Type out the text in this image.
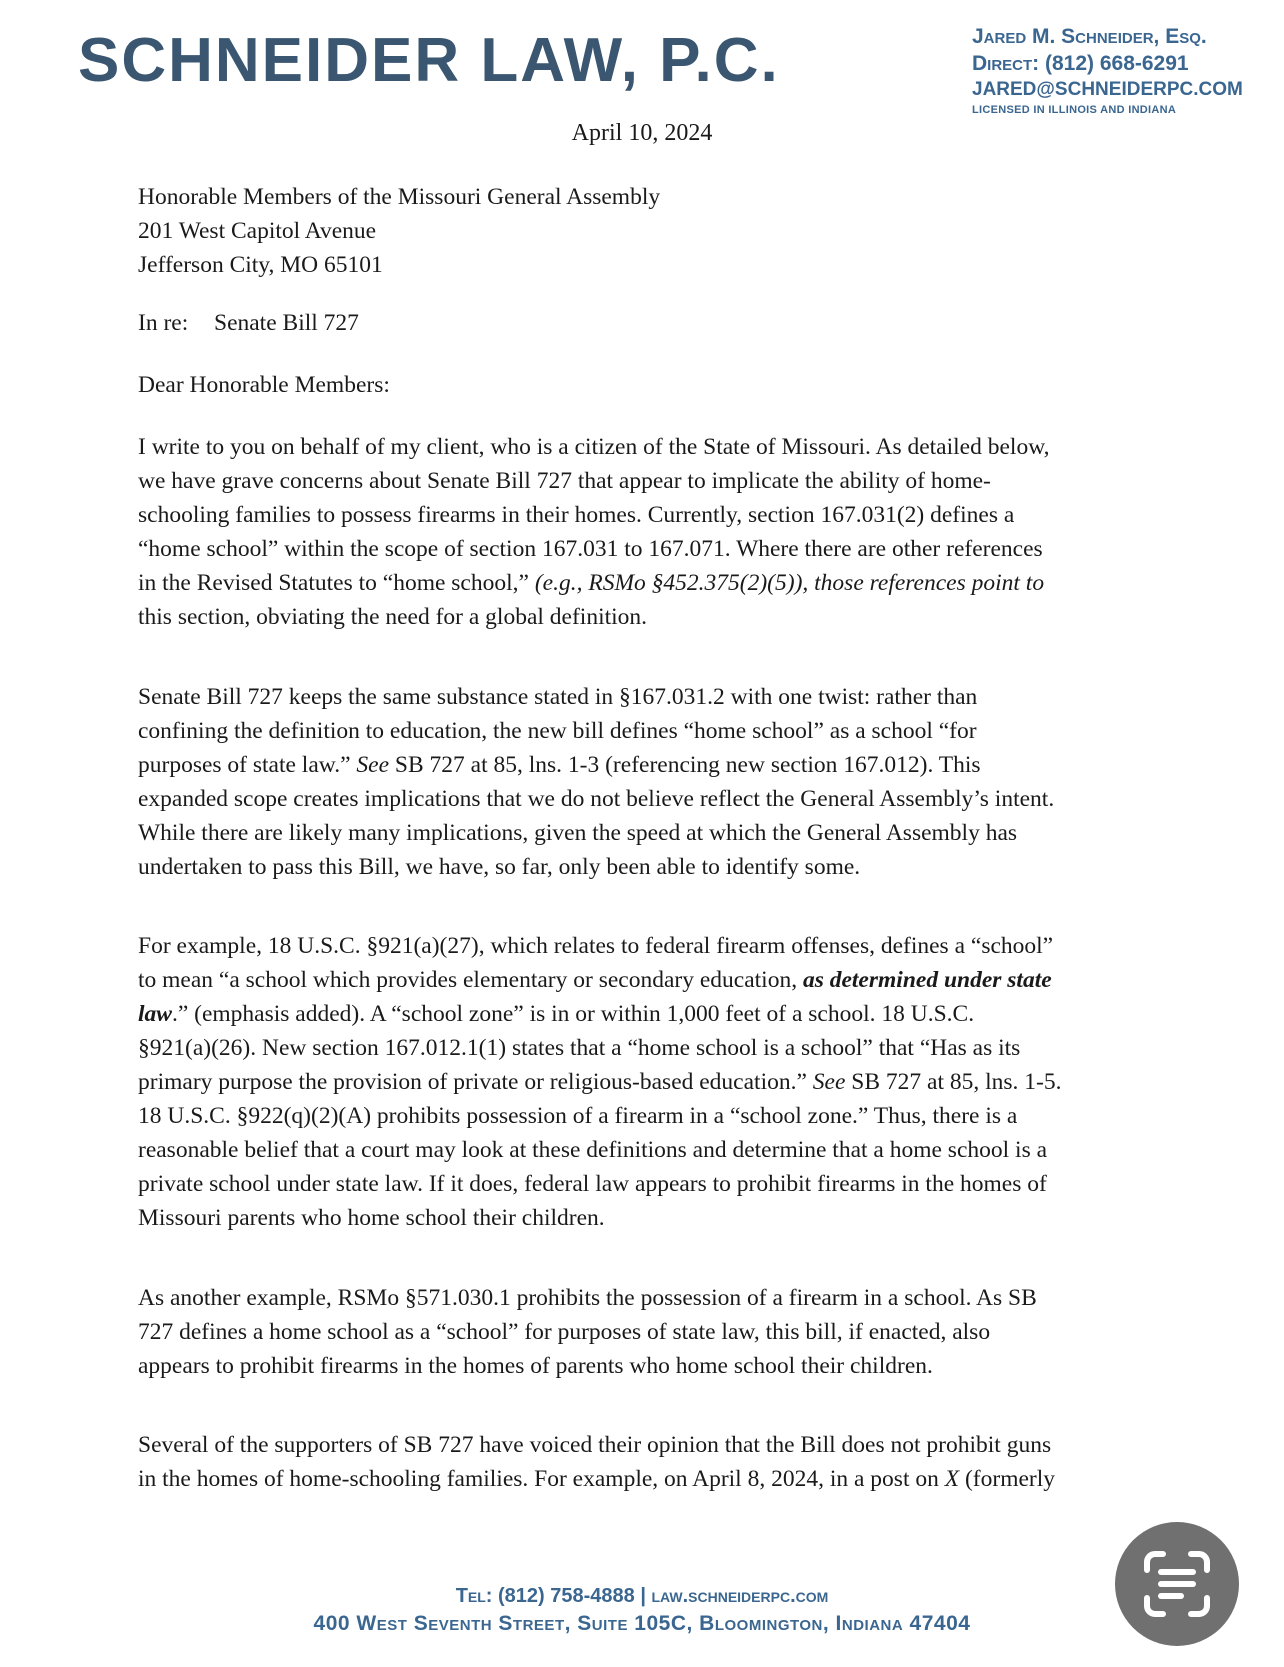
SCHNEIDER LAW, P.C.	Jared M. Schneider, Esq.
Direct: (812) 668-6291
JARED@SCHNEIDERPC.COM
LICENSED IN ILLINOIS AND INDIANA
April 10, 2024
Honorable Members of the Missouri General Assembly
201 West Capitol Avenue
Jefferson City, MO 65101
In re: Senate Bill 727
Dear Honorable Members:
I write to you on behalf of my client, who is a citizen of the State of Missouri. As detailed below,
we have grave concerns about Senate Bill 727 that appear to implicate the ability of home-
schooling families to possess firearms in their homes. Currently, section 167.031(2) defines a
“home school” within the scope of section 167.031 to 167.071. Where there are other references
in the Revised Statutes to “home school,” (e.g., RSMo §452.375(2)(5)), those references point to
this section, obviating the need for a global definition.
Senate Bill 727 keeps the same substance stated in §167.031.2 with one twist: rather than
confining the definition to education, the new bill defines “home school” as a school “for
purposes of state law.” See SB 727 at 85, lns. 1-3 (referencing new section 167.012). This
expanded scope creates implications that we do not believe reflect the General Assembly’s intent.
While there are likely many implications, given the speed at which the General Assembly has
undertaken to pass this Bill, we have, so far, only been able to identify some.
For example, 18 U.S.C. §921(a)(27), which relates to federal firearm offenses, defines a “school”
to mean “a school which provides elementary or secondary education, as determined under state
law.” (emphasis added). A “school zone” is in or within 1,000 feet of a school. 18 U.S.C.
§921(a)(26). New section 167.012.1(1) states that a “home school is a school” that “Has as its
primary purpose the provision of private or religious-based education.” See SB 727 at 85, lns. 1-5.
18 U.S.C. §922(q)(2)(A) prohibits possession of a firearm in a “school zone.” Thus, there is a
reasonable belief that a court may look at these definitions and determine that a home school is a
private school under state law. If it does, federal law appears to prohibit firearms in the homes of
Missouri parents who home school their children.
As another example, RSMo §571.030.1 prohibits the possession of a firearm in a school. As SB
727 defines a home school as a “school” for purposes of state law, this bill, if enacted, also
appears to prohibit firearms in the homes of parents who home school their children.
Several of the supporters of SB 727 have voiced their opinion that the Bill does not prohibit guns
in the homes of home-schooling families. For example, on April 8, 2024, in a post on X (formerly
Tel: (812) 758-4888 | law.schneiderpc.com
400 West Seventh Street, Suite 105C, Bloomington, Indiana 47404
